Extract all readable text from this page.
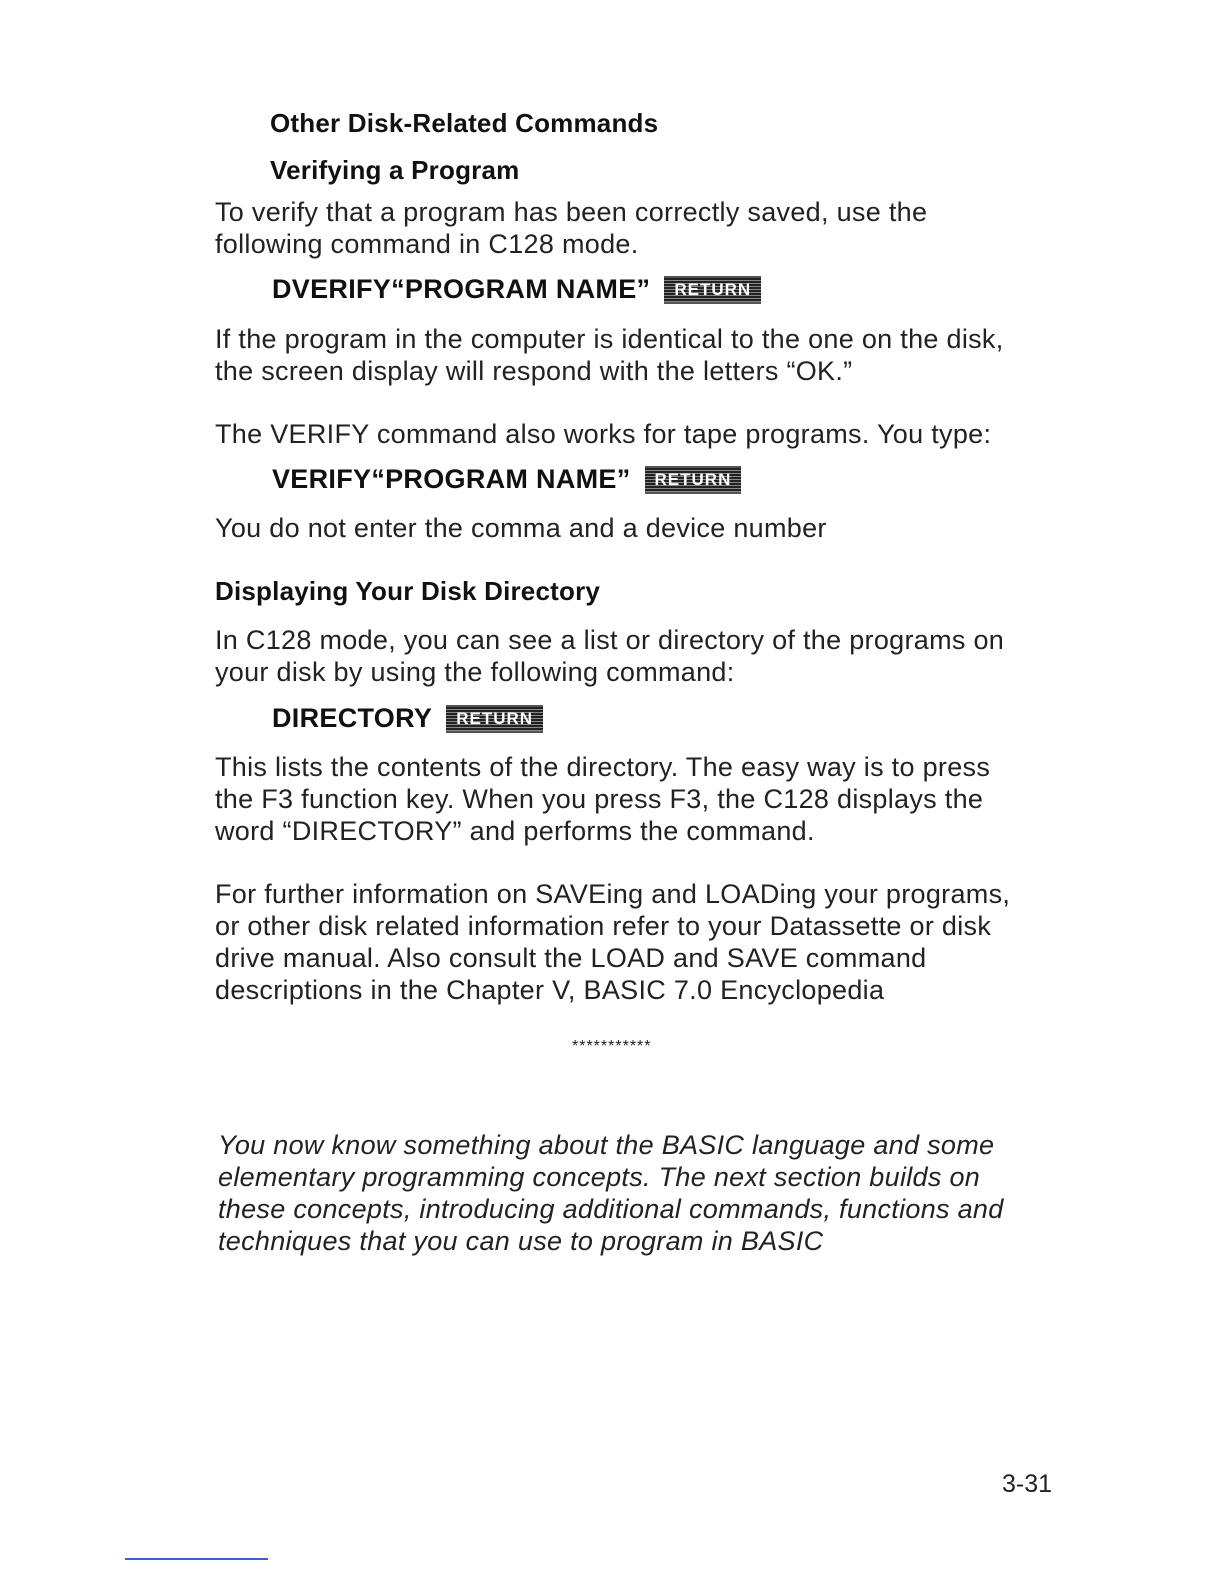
Other Disk-Related Commands
Verifying a Program
To verify that a program has been correctly saved, use the
following command in C128 mode.
DVERIFY“PROGRAM NAME”	RETURN
If the program in the computer is identical to the one on the disk,
the screen display will respond with the letters “OK.”
The VERIFY command also works for tape programs. You type:
VERIFY“PROGRAM NAME”	RETURN
You do not enter the comma and a device number
Displaying Your Disk Directory
In C128 mode, you can see a list or directory of the programs on
your disk by using the following command:
DIRECTORY	RETURN
This lists the contents of the directory. The easy way is to press
the F3 function key. When you press F3, the C128 displays the
word “DIRECTORY” and performs the command.
For further information on SAVEing and LOADing your programs,
or other disk related information refer to your Datassette or disk
drive manual. Also consult the LOAD and SAVE command
descriptions in the Chapter V, BASIC 7.0 Encyclopedia
***********
You now know something about the BASIC language and some
elementary programming concepts. The next section builds on
these concepts, introducing additional commands, functions and
techniques that you can use to program in BASIC
3-31
